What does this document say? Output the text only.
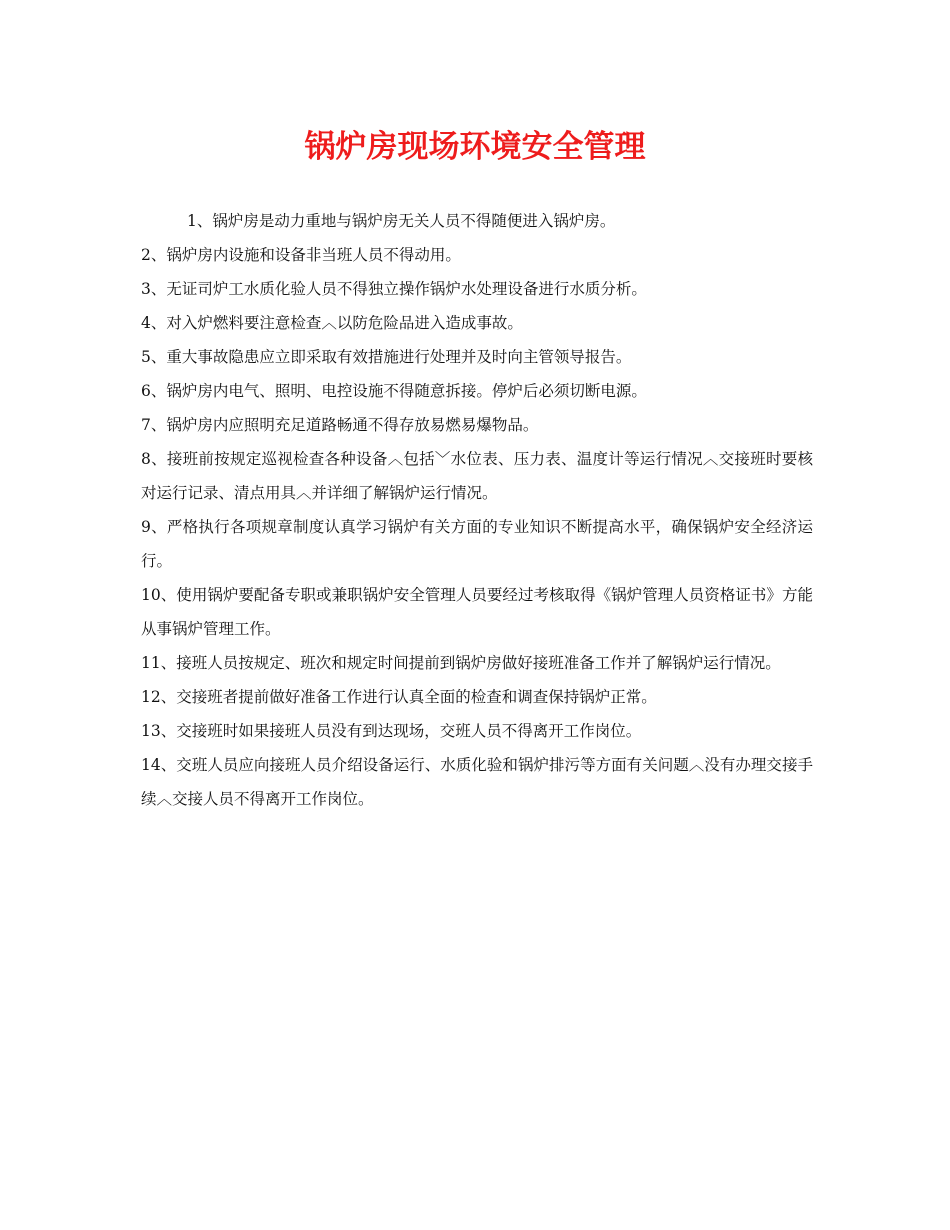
锅炉房现场环境安全管理

1、锅炉房是动力重地与锅炉房无关人员不得随便进入锅炉房。

2、锅炉房内设施和设备非当班人员不得动用。

3、无证司炉工水质化验人员不得独立操作锅炉水处理设备进行水质分析。

4、对入炉燃料要注意检查︿以防危险品进入造成事故。

5、重大事故隐患应立即采取有效措施进行处理并及时向主管领导报告。

6、锅炉房内电气、照明、电控设施不得随意拆接。停炉后必须切断电源。

7、锅炉房内应照明充足道路畅通不得存放易燃易爆物品。

8、接班前按规定巡视检查各种设备︿包括﹀水位表、压力表、温度计等运行情况︿交接班时要核对运行记录、清点用具︿并详细了解锅炉运行情况。

9、严格执行各项规章制度认真学习锅炉有关方面的专业知识不断提高水平，确保锅炉安全经济运行。

10、使用锅炉要配备专职或兼职锅炉安全管理人员要经过考核取得《锅炉管理人员资格证书》方能从事锅炉管理工作。

11、接班人员按规定、班次和规定时间提前到锅炉房做好接班准备工作并了解锅炉运行情况。

12、交接班者提前做好准备工作进行认真全面的检查和调查保持锅炉正常。

13、交接班时如果接班人员没有到达现场，交班人员不得离开工作岗位。

14、交班人员应向接班人员介绍设备运行、水质化验和锅炉排污等方面有关问题︿没有办理交接手续︿交接人员不得离开工作岗位。
